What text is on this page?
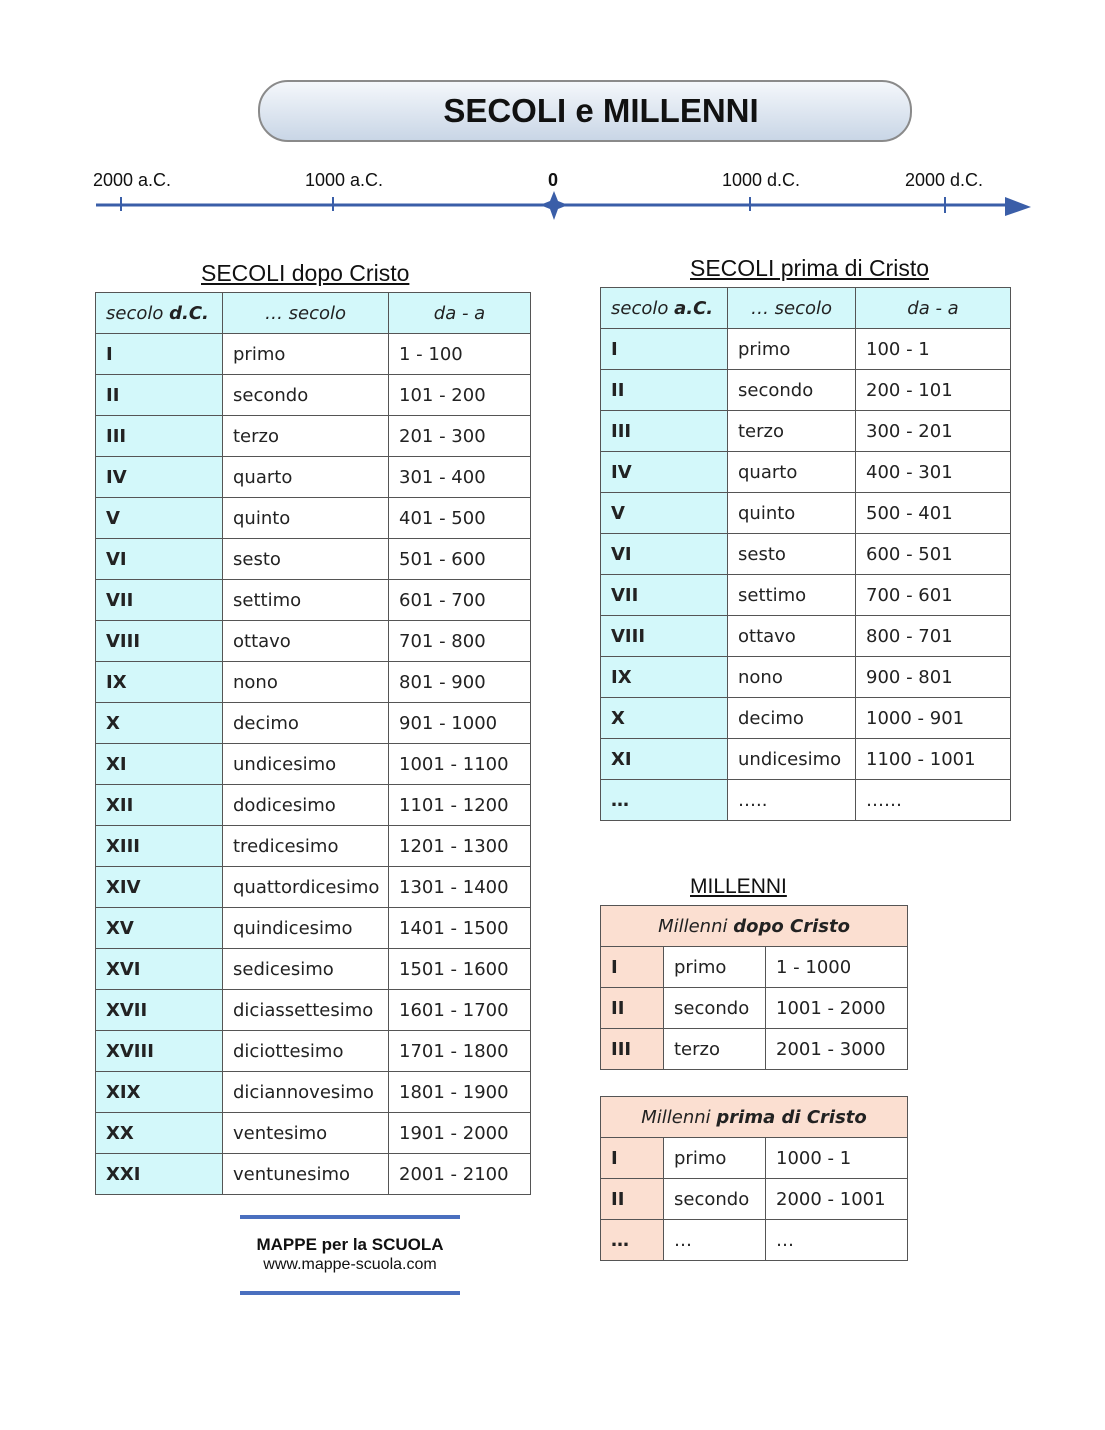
SECOLI e MILLENNI
2000 a.C.	1000 a.C.	0	1000 d.C.	2000 d.C.
SECOLI dopo Cristo
secolo d.C.	… secolo	da - a
I	primo	1 - 100
II	secondo	101 - 200
III	terzo	201 - 300
IV	quarto	301 - 400
V	quinto	401 - 500
VI	sesto	501 - 600
VII	settimo	601 - 700
VIII	ottavo	701 - 800
IX	nono	801 - 900
X	decimo	901 - 1000
XI	undicesimo	1001 - 1100
XII	dodicesimo	1101 - 1200
XIII	tredicesimo	1201 - 1300
XIV	quattordicesimo	1301 - 1400
XV	quindicesimo	1401 - 1500
XVI	sedicesimo	1501 - 1600
XVII	diciassettesimo	1601 - 1700
XVIII	diciottesimo	1701 - 1800
XIX	diciannovesimo	1801 - 1900
XX	ventesimo	1901 - 2000
XXI	ventunesimo	2001 - 2100
SECOLI prima di Cristo
secolo a.C.	… secolo	da - a
I	primo	100 - 1
II	secondo	200 - 101
III	terzo	300 - 201
IV	quarto	400 - 301
V	quinto	500 - 401
VI	sesto	600 - 501
VII	settimo	700 - 601
VIII	ottavo	800 - 701
IX	nono	900 - 801
X	decimo	1000 - 901
XI	undicesimo	1100 - 1001
…	…..	……
MILLENNI
Millenni dopo Cristo		
I	primo	1 - 1000
II	secondo	1001 - 2000
III	terzo	2001 - 3000
Millenni prima di Cristo		
I	primo	1000 - 1
II	secondo	2000 - 1001
…	…	…
MAPPE per la SCUOLA
www.mappe-scuola.com
